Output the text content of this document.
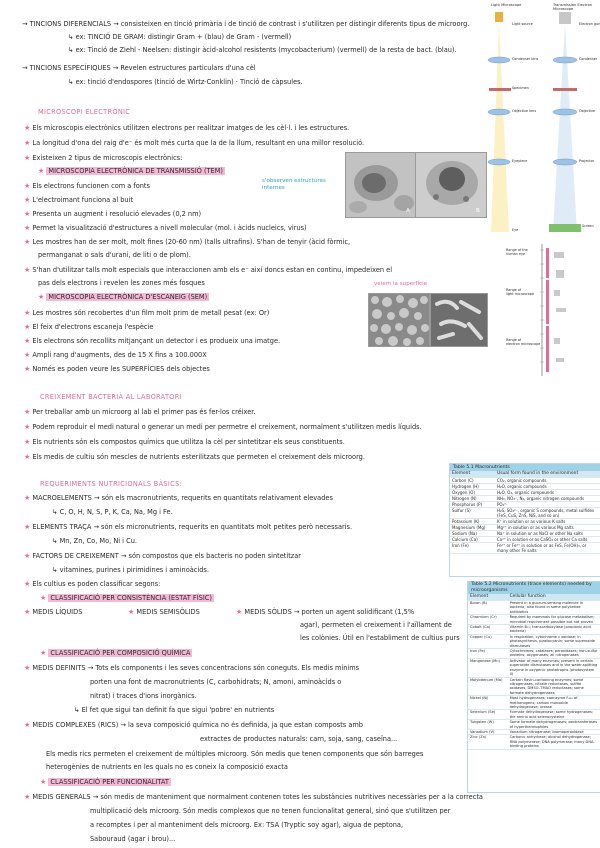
→ TINCIONS DIFERENCIALS → consisteixen en tinció primària i de tinció de contrast i s'utilitzen per distingir diferents tipus de microorg.
↳ ex: TINCIÓ DE GRAM: distingir Gram + (blau) de Gram - (vermell)
↳ ex: Tinció de Ziehl - Neelsen: distingir àcid-alcohol resistents (mycobacterium) (vermell) de la resta de bact. (blau).
→ TINCIONS ESPECÍFIQUES → Revelen estructures particulars d'una cèl
↳ ex: tinció d'endospores (tinció de Wirtz-Conklin) · Tinció de càpsules.
MICROSCOPI ELECTRÒNIC
★ Els microscopis electrònics utilitzen electrons per realitzar imatges de les cèl·l. i les estructures.
★ La longitud d'ona del raig d'e⁻ és molt més curta que la de la llum, resultant en una millor resolució.
★ Existeixen 2 tipus de microscopis electrònics:
★ MICROSCOPIA ELECTRÒNICA DE TRANSMISSIÓ (TEM)
★ Els electrons funcionen com a fonts
★ L'electroimant funciona al buit
★ Presenta un augment i resolució elevades (0,2 nm)
★ Permet la visualització d'estructures a nivell molecular (mol. i àcids nucleics, virus)
★ Les mostres han de ser molt, molt fines (20-60 nm) (talls ultrafins). S'han de tenyir (àcid fòrmic,
permanganat o sals d'urani, de liti o de plom).
★ S'han d'utilitzar talls molt especials que interaccionen amb els e⁻ així doncs estan en continu, impedeixen el
pas dels electrons i revelen les zones més fosques
A	B
s'observen estructures internes
★ MICROSCOPIA ELECTRÒNICA D'ESCANEIG (SEM)
veiem la superfície
★ Les mostres són recobertes d'un film molt prim de metall pesat (ex: Or)
★ El feix d'electrons escaneja l'espècie
★ Els electrons són recollits mitjançant un detector i es produeix una imatge.
★ Ampli rang d'augments, des de 15 X fins a 100.000X
★ Només es poden veure les SUPERFÍCIES dels objectes
Light Microscope	Transmission Electron Microscope
Light source
Condenser lens
Specimen
Objective lens
Eyepiece
Eye
Electron gun
Condenser
Objective
Projector
Screen
Range of the
human eye
Range of
light microscope
Range of
electron microscope
CREIXEMENT BACTERIÀ AL LABORATORI
★ Per treballar amb un microorg al lab el primer pas és fer-los créixer.
★ Podem reproduir el medi natural o generar un medi per permetre el creixement, normalment s'utilitzen medis líquids.
★ Els nutrients són els compostos químics que utilitza la cèl per sintetitzar els seus constituents.
★ Els medis de cultiu són mescles de nutrients esterilitzats que permeten el creixement dels microorg.
REQUERIMENTS NUTRICIONALS BÀSICS:
★ MACROELEMENTS → són els macronutrients, requerits en quantitats relativament elevades
↳ C, O, H, N, S, P, K, Ca, Na, Mg i Fe.
★ ELEMENTS TRAÇA → són els micronutrients, requerits en quantitats molt petites però necessaris.
↳ Mn, Zn, Co, Mo, Ni i Cu.
★ FACTORS DE CREIXEMENT → són compostos que els bacteris no poden sintetitzar
↳ vitamines, purines i pirimidines i aminoàcids.
★ Els cultius es poden classificar segons:
★ CLASSIFICACIÓ PER CONSISTÈNCIA (ESTAT FÍSIC)
★ MEDIS LÍQUIDS	★ MEDIS SEMISÒLIDS	★ MEDIS SÒLIDS → porten un agent solidificant (1,5%
agar), permeten el creixement i l'aïllament de
les colònies. Útil en l'establiment de cultius purs
★ CLASSIFICACIÓ PER COMPOSICIÓ QUÍMICA
★ MEDIS DEFINITS → Tots els components i les seves concentracions són coneguts. Els medis mínims
porten una font de macronutrients (C, carbohidrats; N, amoni, aminoàcids o
nitrat) i traces d'ions inorgànics.
↳ El fet que sigui tan definit fa que sigui 'pobre' en nutrients
★ MEDIS COMPLEXES (RICS) → la seva composició química no és definida, ja que estan composts amb
extractes de productes naturals: carn, soja, sang, caseïna...
Els medis rics permeten el creixement de múltiples microorg. Són medis que tenen components que són barreges
heterogènies de nutrients en les quals no es coneix la composició exacta
★ CLASSIFICACIÓ PER FUNCIONALITAT
★ MEDIS GENERALS → són medis de manteniment que normalment contenen totes les substàncies nutritives necessàries per a la correcta
multiplicació dels microorg. Són medis complexos que no tenen funcionalitat general, sinó que s'utilitzen per
a recomptes i per al manteniment dels microorg. Ex: TSA (Tryptic soy agar), aigua de peptona,
Sabouraud (agar i brou)...
Table 5.1 Macronutrients
Element	Usual form found in the environment
Carbon (C)	CO₂, organic compounds
Hydrogen (H)	H₂O, organic compounds
Oxygen (O)	H₂O, O₂, organic compounds
Nitrogen (N)	NH₃, NO₃⁻, N₂, organic nitrogen compounds
Phosphorus (P)	PO₄³⁻
Sulfur (S)	H₂S, SO₄²⁻, organic S compounds, metal sulfides (FeS, CuS, ZnS, NiS, and so on)
Potassium (K)	K⁺ in solution or as various K salts
Magnesium (Mg)	Mg²⁺ in solution or as various Mg salts
Sodium (Na)	Na⁺ in solution or as NaCl or other Na salts
Calcium (Ca)	Ca²⁺ in solution or as CaSO₄ or other Ca salts
Iron (Fe)	Fe²⁺ or Fe³⁺ in solution or as FeS, Fe(OH)₃, or many other Fe salts
Table 5.2 Micronutrients (trace elements) needed by microorganisms
Element	Cellular function
Boron (B)	Present in a quorum-sensing molecule in bacteria; also found in some polyketide antibiotics
Chromium (Cr)	Required by mammals for glucose metabolism; microbial requirement possible but not proven
Cobalt (Co)	Vitamin B₁₂; transcarboxylase (propionic acid bacteria)
Copper (Cu)	In respiration, cytochrome c oxidase; in photosynthesis, plastocyanin; some superoxide dismutases
Iron (Fe)	Cytochromes; catalases; peroxidases; iron–sulfur proteins; oxygenases; all nitrogenases
Manganese (Mn)	Activator of many enzymes; present in certain superoxide dismutases and in the water-splitting enzyme in oxygenic phototrophs (photosystem II)
Molybdenum (Mo)	Certain flavin-containing enzymes; some nitrogenases, nitrate reductases, sulfite oxidases, DMSO–TMAO reductases; some formate dehydrogenases
Nickel (Ni)	Most hydrogenases; coenzyme F₄₃₀ of methanogens; carbon monoxide dehydrogenase; urease
Selenium (Se)	Formate dehydrogenase; some hydrogenases; the amino acid selenocysteine
Tungsten (W)	Some formate dehydrogenases; oxotransferases of hyperthermophiles
Vanadium (V)	Vanadium nitrogenase; bromoperoxidase
Zinc (Zn)	Carbonic anhydrase; alcohol dehydrogenase; RNA polymerase; DNA polymerase; many DNA-binding proteins
